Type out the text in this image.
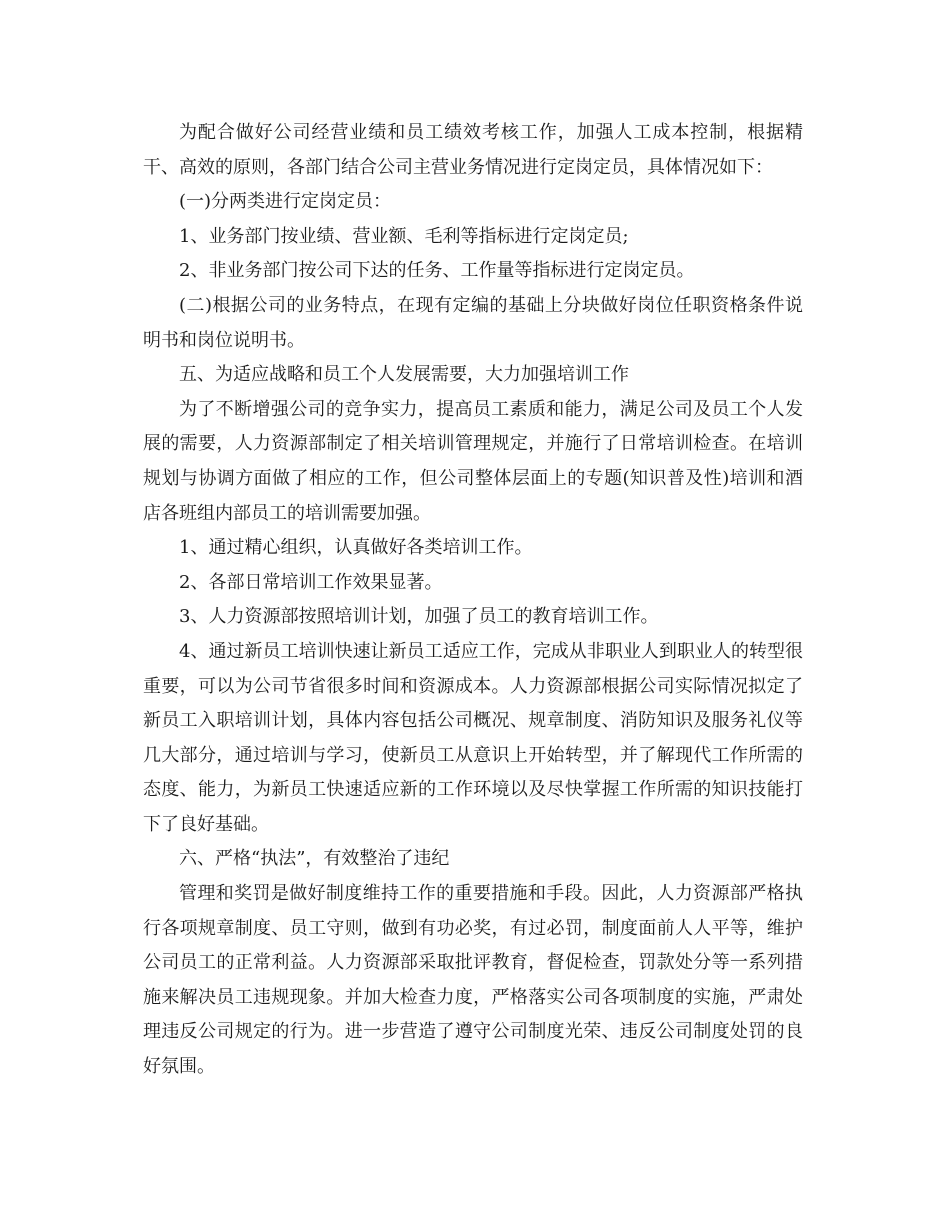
为配合做好公司经营业绩和员工绩效考核工作，加强人工成本控制，根据精干、高效的原则，各部门结合公司主营业务情况进行定岗定员，具体情况如下：

(一)分两类进行定岗定员：

1、业务部门按业绩、营业额、毛利等指标进行定岗定员;

2、非业务部门按公司下达的任务、工作量等指标进行定岗定员。

(二)根据公司的业务特点，在现有定编的基础上分块做好岗位任职资格条件说明书和岗位说明书。

五、为适应战略和员工个人发展需要，大力加强培训工作

为了不断增强公司的竞争实力，提高员工素质和能力，满足公司及员工个人发展的需要，人力资源部制定了相关培训管理规定，并施行了日常培训检查。在培训规划与协调方面做了相应的工作，但公司整体层面上的专题(知识普及性)培训和酒店各班组内部员工的培训需要加强。

1、通过精心组织，认真做好各类培训工作。

2、各部日常培训工作效果显著。

3、人力资源部按照培训计划，加强了员工的教育培训工作。

4、通过新员工培训快速让新员工适应工作，完成从非职业人到职业人的转型很重要，可以为公司节省很多时间和资源成本。人力资源部根据公司实际情况拟定了新员工入职培训计划，具体内容包括公司概况、规章制度、消防知识及服务礼仪等几大部分，通过培训与学习，使新员工从意识上开始转型，并了解现代工作所需的态度、能力，为新员工快速适应新的工作环境以及尽快掌握工作所需的知识技能打下了良好基础。

六、严格“执法”，有效整治了违纪

管理和奖罚是做好制度维持工作的重要措施和手段。因此，人力资源部严格执行各项规章制度、员工守则，做到有功必奖，有过必罚，制度面前人人平等，维护公司员工的正常利益。人力资源部采取批评教育，督促检查，罚款处分等一系列措施来解决员工违规现象。并加大检查力度，严格落实公司各项制度的实施，严肃处理违反公司规定的行为。进一步营造了遵守公司制度光荣、违反公司制度处罚的良好氛围。
